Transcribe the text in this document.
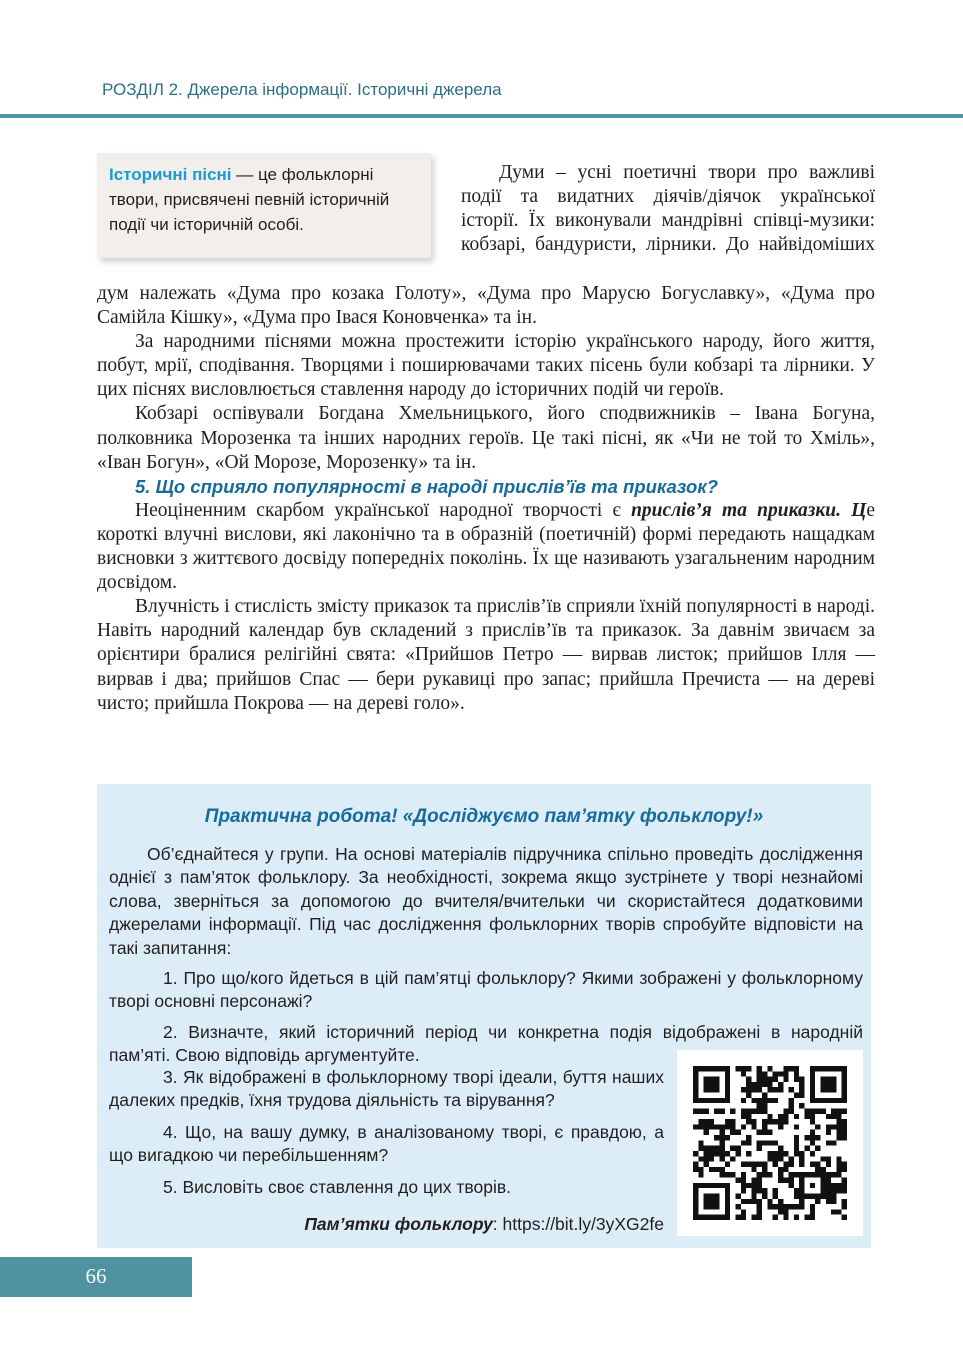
РОЗДІЛ 2. Джерела інформації. Історичні джерела
Історичні пісні — це фольклорні твори, присвячені певній історичній події чи історичній особі.

Думи – усні поетичні твори про важливі події та видатних діячів/діячок української історії. Їх виконували мандрівні співці-музики: кобзарі, бандуристи, лірники. До найвідоміших

дум належать «Дума про козака Голоту», «Дума про Марусю Богуславку», «Дума про Самійла Кішку», «Дума про Івася Коновченка» та ін.

За народними піснями можна простежити історію українського народу, його життя, побут, мрії, сподівання. Творцями і поширювачами таких пісень були кобзарі та лірники. У цих піснях висловлюється ставлення народу до історичних подій чи героїв.

Кобзарі оспівували Богдана Хмельницького, його сподвижників – Івана Богуна, полковника Морозенка та інших народних героїв. Це такі пісні, як «Чи не той то Хміль», «Іван Богун», «Ой Морозе, Морозенку» та ін.

5. Що сприяло популярності в народі прислів’їв та приказок?

Неоціненним скарбом української народної творчості є прислів’я та приказки. Це короткі влучні вислови, які лаконічно та в образній (поетичній) формі передають нащадкам висновки з життєвого досвіду попередніх поколінь. Їх ще називають узагальненим народним досвідом.

Влучність і стислість змісту приказок та прислів’їв сприяли їхній популярності в народі. Навіть народний календар був складений з прислів’їв та приказок. За давнім звичаєм за орієнтири бралися релігійні свята: «Прийшов Петро — вирвав листок; прийшов Ілля — вирвав і два; прийшов Спас — бери рукавиці про запас; прийшла Пречиста — на дереві чисто; прийшла Покрова — на дереві голо».

Практична робота! «Досліджуємо пам’ятку фольклору!»

Об’єднайтеся у групи. На основі матеріалів підручника спільно проведіть дослідження однієї з пам’яток фольклору. За необхідності, зокрема якщо зустрінете у творі незнайомі слова, зверніться за допомогою до вчителя/вчительки чи скористайтеся додатковими джерелами інформації. Під час дослідження фольклорних творів спробуйте відповісти на такі запитання:

1. Про що/кого йдеться в цій пам’ятці фольклору? Якими зображені у фольклорному творі основні персонажі?

2. Визначте, який історичний період чи конкретна подія відображені в народній пам’яті. Свою відповідь аргументуйте.

3. Як відображені в фольклорному творі ідеали, буття наших далеких предків, їхня трудова діяльність та вірування?

4. Що, на вашу думку, в аналізованому творі, є правдою, а що вигадкою чи перебільшенням?

5. Висловіть своє ставлення до цих творів.

Пам’ятки фольклору: https://bit.ly/3yXG2fe
66
